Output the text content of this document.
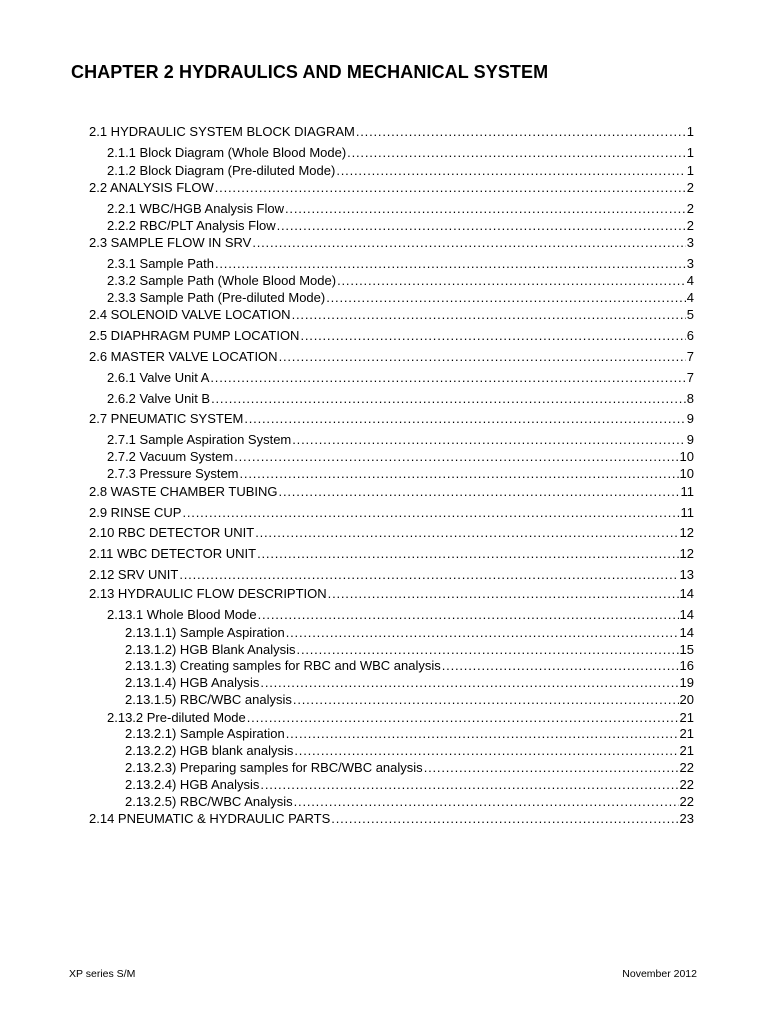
CHAPTER 2 HYDRAULICS AND MECHANICAL SYSTEM
2.1 HYDRAULIC SYSTEM BLOCK DIAGRAM .....	1
2.1.1 Block Diagram (Whole Blood Mode) .....	1
2.1.2 Block Diagram (Pre-diluted Mode) .....	1
2.2 ANALYSIS FLOW .....	2
2.2.1 WBC/HGB Analysis Flow .....	2
2.2.2 RBC/PLT Analysis Flow .....	2
2.3 SAMPLE FLOW IN SRV .....	3
2.3.1 Sample Path .....	3
2.3.2 Sample Path (Whole Blood Mode) .....	4
2.3.3 Sample Path (Pre-diluted Mode) .....	4
2.4 SOLENOID VALVE LOCATION .....	5
2.5 DIAPHRAGM PUMP LOCATION .....	6
2.6 MASTER VALVE LOCATION .....	7
2.6.1 Valve Unit A .....	7
2.6.2 Valve Unit B .....	8
2.7 PNEUMATIC SYSTEM .....	9
2.7.1 Sample Aspiration System .....	9
2.7.2 Vacuum System .....	10
2.7.3 Pressure System .....	10
2.8 WASTE CHAMBER TUBING .....	11
2.9 RINSE CUP .....	11
2.10 RBC DETECTOR UNIT .....	12
2.11 WBC DETECTOR UNIT .....	12
2.12 SRV UNIT .....	13
2.13 HYDRAULIC FLOW DESCRIPTION .....	14
2.13.1 Whole Blood Mode .....	14
2.13.1.1) Sample Aspiration .....	14
2.13.1.2) HGB Blank Analysis .....	15
2.13.1.3) Creating samples for RBC and WBC analysis .....	16
2.13.1.4) HGB Analysis .....	19
2.13.1.5) RBC/WBC analysis .....	20
2.13.2 Pre-diluted Mode .....	21
2.13.2.1) Sample Aspiration .....	21
2.13.2.2) HGB blank analysis .....	21
2.13.2.3) Preparing samples for RBC/WBC analysis .....	22
2.13.2.4) HGB Analysis .....	22
2.13.2.5) RBC/WBC Analysis .....	22
2.14 PNEUMATIC & HYDRAULIC PARTS .....	23
XP series S/M	November 2012
